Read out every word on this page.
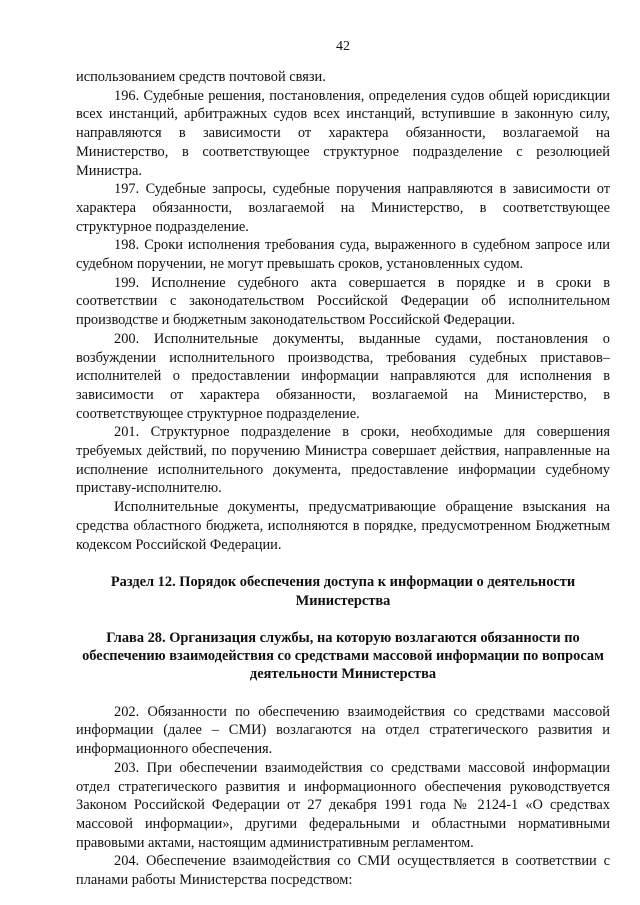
42

использованием средств почтовой связи.

196. Судебные решения, постановления, определения судов общей юрисдикции всех инстанций, арбитражных судов всех инстанций, вступившие в законную силу, направляются в зависимости от характера обязанности, возлагаемой на Министерство, в соответствующее структурное подразделение с резолюцией Министра.

197. Судебные запросы, судебные поручения направляются в зависимости от характера обязанности, возлагаемой на Министерство, в соответствующее структурное подразделение.

198. Сроки исполнения требования суда, выраженного в судебном запросе или судебном поручении, не могут превышать сроков, установленных судом.

199. Исполнение судебного акта совершается в порядке и в сроки в соответствии с законодательством Российской Федерации об исполнительном производстве и бюджетным законодательством Российской Федерации.

200. Исполнительные документы, выданные судами, постановления о возбуждении исполнительного производства, требования судебных приставов–исполнителей о предоставлении информации направляются для исполнения в зависимости от характера обязанности, возлагаемой на Министерство, в соответствующее структурное подразделение.

201. Структурное подразделение в сроки, необходимые для совершения требуемых действий, по поручению Министра совершает действия, направленные на исполнение исполнительного документа, предоставление информации судебному приставу-исполнителю.

Исполнительные документы, предусматривающие обращение взыскания на средства областного бюджета, исполняются в порядке, предусмотренном Бюджетным кодексом Российской Федерации.

Раздел 12. Порядок обеспечения доступа к информации о деятельности Министерства
Глава 28. Организация службы, на которую возлагаются обязанности по обеспечению взаимодействия со средствами массовой информации по вопросам деятельности Министерства

202. Обязанности по обеспечению взаимодействия со средствами массовой информации (далее – СМИ) возлагаются на отдел стратегического развития и информационного обеспечения.

203. При обеспечении взаимодействия со средствами массовой информации отдел стратегического развития и информационного обеспечения руководствуется Законом Российской Федерации от 27 декабря 1991 года № 2124-1 «О средствах массовой информации», другими федеральными и областными нормативными правовыми актами, настоящим административным регламентом.

204. Обеспечение взаимодействия со СМИ осуществляется в соответствии с планами работы Министерства посредством:
